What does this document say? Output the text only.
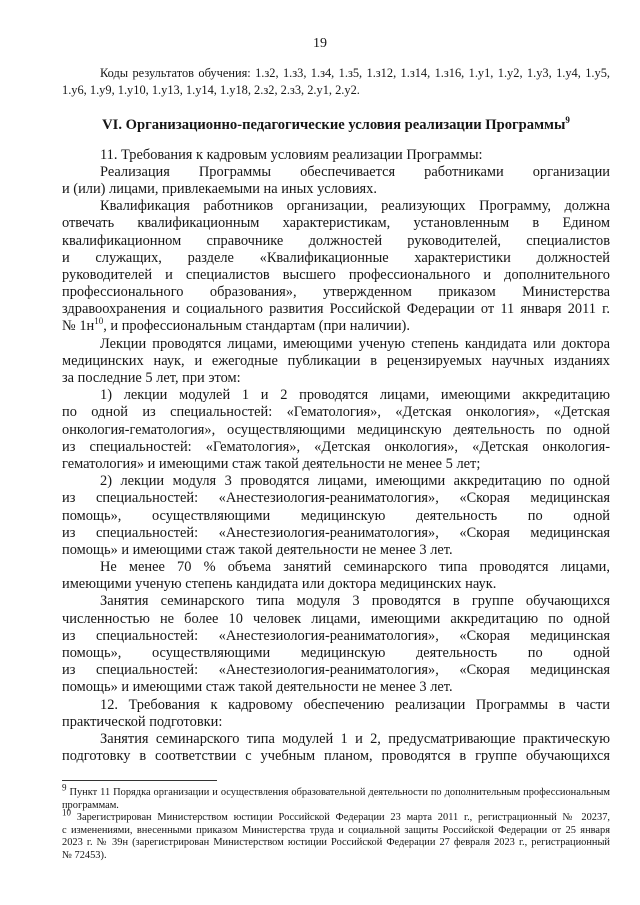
19
Коды результатов обучения: 1.з2, 1.з3, 1.з4, 1.з5, 1.з12, 1.з14, 1.з16, 1.у1, 1.у2, 1.у3, 1.у4, 1.у5,
1.у6, 1.у9, 1.у10, 1.у13, 1.у14, 1.у18, 2.з2, 2.з3, 2.у1, 2.у2.
VI. Организационно-педагогические условия реализации Программы$^9$
11. Требования к кадровым условиям реализации Программы:
Реализация Программы обеспечивается работниками организации
и (или) лицами, привлекаемыми на иных условиях.
Квалификация работников организации, реализующих Программу, должна
отвечать квалификационным характеристикам, установленным в Едином
квалификационном справочнике должностей руководителей, специалистов
и служащих, разделе «Квалификационные характеристики должностей
руководителей и специалистов высшего профессионального и дополнительного
профессионального образования», утвержденном приказом Министерства
здравоохранения и социального развития Российской Федерации от 11 января 2011 г.
№ $1н^{10}$, и профессиональным стандартам (при наличии).
Лекции проводятся лицами, имеющими ученую степень кандидата или доктора
медицинских наук, и ежегодные публикации в рецензируемых научных изданиях
за последние 5 лет, при этом:
1) лекции модулей 1 и 2 проводятся лицами, имеющими аккредитацию
по одной из специальностей: «Гематология», «Детская онкология», «Детская
онкология-гематология», осуществляющими медицинскую деятельность по одной
из специальностей: «Гематология», «Детская онкология», «Детская онкология-
гематология» и имеющими стаж такой деятельности не менее 5 лет;
2) лекции модуля 3 проводятся лицами, имеющими аккредитацию по одной
из специальностей: «Анестезиология-реаниматология», «Скорая медицинская
помощь», осуществляющими медицинскую деятельность по одной
из специальностей: «Анестезиология-реаниматология», «Скорая медицинская
помощь» и имеющими стаж такой деятельности не менее 3 лет.
Не менее 70 % объема занятий семинарского типа проводятся лицами,
имеющими ученую степень кандидата или доктора медицинских наук.
Занятия семинарского типа модуля 3 проводятся в группе обучающихся
численностью не более 10 человек лицами, имеющими аккредитацию по одной
из специальностей: «Анестезиология-реаниматология», «Скорая медицинская
помощь», осуществляющими медицинскую деятельность по одной
из специальностей: «Анестезиология-реаниматология», «Скорая медицинская
помощь» и имеющими стаж такой деятельности не менее 3 лет.
12. Требования к кадровому обеспечению реализации Программы в части
практической подготовки:
Занятия семинарского типа модулей 1 и 2, предусматривающие практическую
подготовку в соответствии с учебным планом, проводятся в группе обучающихся
$^9$ Пункт 11 Порядка организации и осуществления образовательной деятельности по дополнительным профессиональным
программам.
$^{10}$ Зарегистрирован Министерством юстиции Российской Федерации 23 марта 2011 г., регистрационный № 20237,
с изменениями, внесенными приказом Министерства труда и социальной защиты Российской Федерации от 25 января
2023 г. № 39н (зарегистрирован Министерством юстиции Российской Федерации 27 февраля 2023 г., регистрационный
№ 72453).
